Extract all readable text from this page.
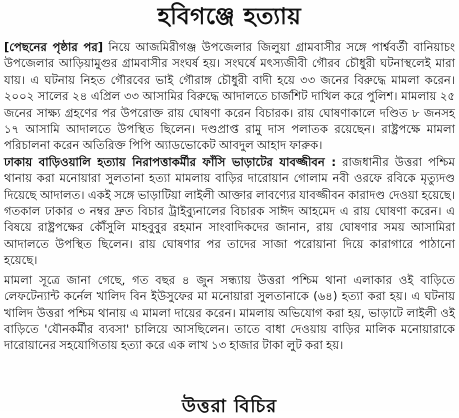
হবিগঞ্জে হত্যায়

[পেছনের পৃষ্ঠার পর] নিয়ে আজমিরীগঞ্জ উপজেলার জিলুয়া গ্রামবাসীর সঙ্গে পার্শ্ববর্তী বানিয়াচং উপজেলার আড়িয়ামুগুর গ্রামবাসীর সংঘর্ষ হয়। সংঘর্ষে মৎস্যজীবী গৌরব চৌধুরী ঘটনাস্থলেই মারা যায়। এ ঘটনায় নিহত গৌরবের ভাই গৌরাঙ্গ চৌধুরী বাদী হয়ে ৩৩ জনের বিরুদ্ধে মামলা করেন। ২০০২ সালের ২৪ এপ্রিল ৩৩ আসামির বিরুদ্ধে আদালতে চার্জশিট দাখিল করে পুলিশ। মামলায় ২৫ জনের সাক্ষ্য গ্রহণের পর উপরোক্ত রায় ঘোষণা করেন বিচারক। রায় ঘোষণাকালে দণ্ডিত ৮ জনসহ ১৭ আসামি আদালতে উপস্থিত ছিলেন। দণ্ডপ্রাপ্ত রামু দাস পলাতক রয়েছেন। রাষ্ট্রপক্ষে মামলা পরিচালনা করেন অতিরিক্ত পিপি অ্যাডভোকেট আবদুল আহাদ ফারুক।

ঢাকায় বাড়িওয়ালি হত্যায় নিরাপত্তাকর্মীর ফাঁসি ভাড়াটের যাবজ্জীবন : রাজধানীর উত্তরা পশ্চিম থানায় করা মনোয়ারা সুলতানা হত্যা মামলায় বাড়ির দারোয়ান গোলাম নবী ওরফে রবিকে মৃত্যুদণ্ড দিয়েছে আদালত। একই সঙ্গে ভাড়াটিয়া লাইলী আক্তার লাবণ্যের যাবজ্জীবন কারাদণ্ড দেওয়া হয়েছে। গতকাল ঢাকার ৩ নম্বর দ্রুত বিচার ট্রাইব্যুনালের বিচারক সাঈদ আহমেদ এ রায় ঘোষণা করেন। এ বিষয়ে রাষ্ট্রপক্ষের কৌঁসুলি মাহবুবুর রহমান সাংবাদিকদের জানান, রায় ঘোষণার সময় আসামিরা আদালতে উপস্থিত ছিলেন। রায় ঘোষণার পর তাদের সাজা পরোয়ানা দিয়ে কারাগারে পাঠানো হয়েছে।

মামলা সূত্রে জানা গেছে, গত বছর ৪ জুন সন্ধ্যায় উত্তরা পশ্চিম থানা এলাকার ওই বাড়িতে লেফটেন্যান্ট কর্নেল খালিদ বিন ইউসুফের মা মনোয়ারা সুলতানাকে (৬৪) হত্যা করা হয়। এ ঘটনায় খালিদ উত্তরা পশ্চিম থানায় এ মামলা দায়ের করেন। মামলায় অভিযোগ করা হয়, ভাড়াটে লাইলী ওই বাড়িতে 'যৌনকর্মীর ব্যবসা' চালিয়ে আসছিলেন। তাতে বাধা দেওয়ায় বাড়ির মালিক মনোয়ারাকে দারোয়ানের সহযোগিতায় হত্যা করে এক লাখ ১৩ হাজার টাকা লুট করা হয়।

উত্তরা বিচির
